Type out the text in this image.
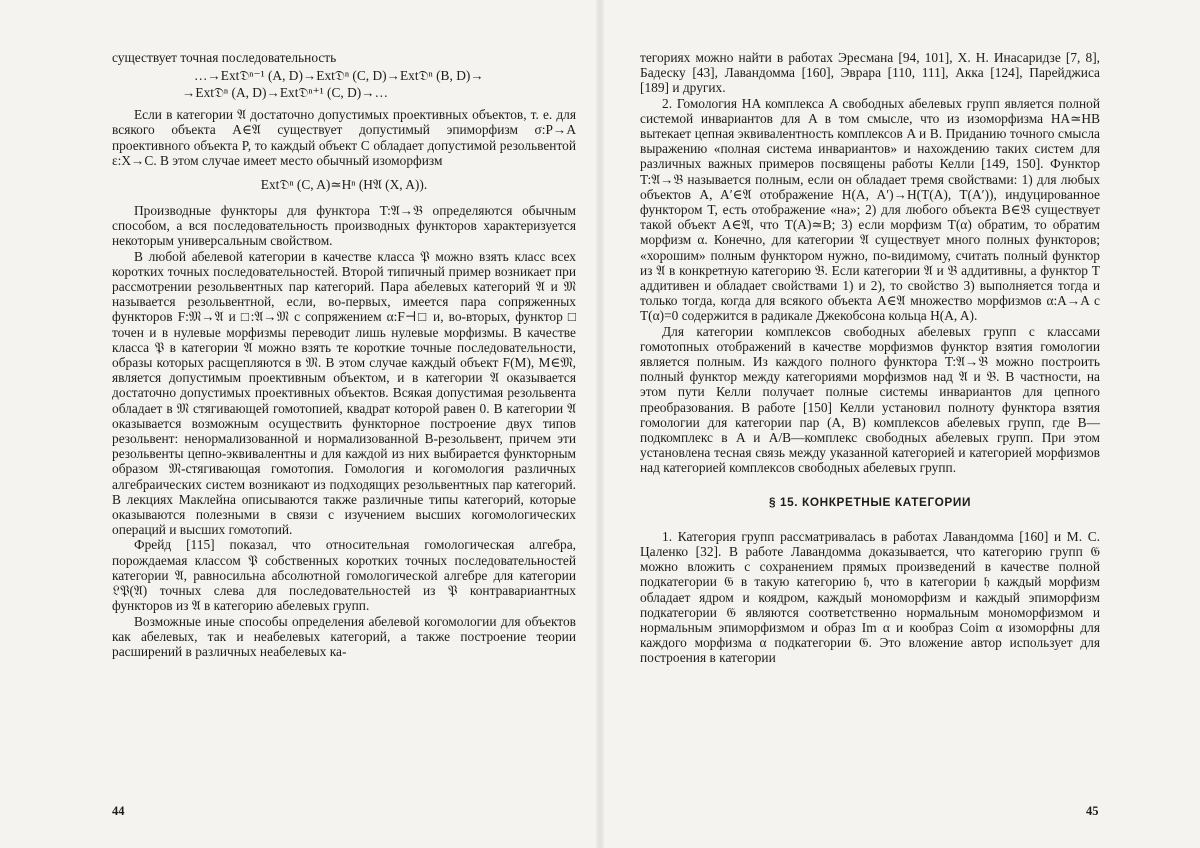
существует точная последовательность

…→Ext𝔇ⁿ⁻¹ (A, D)→Ext𝔇ⁿ (C, D)→Ext𝔇ⁿ (B, D)→
→Ext𝔇ⁿ (A, D)→Ext𝔇ⁿ⁺¹ (C, D)→…

Если в категории 𝔄 достаточно допустимых проективных объектов, т. е. для всякого объекта A∈𝔄 существует допустимый эпиморфизм σ:P→A проективного объекта P, то каждый объект C обладает допустимой резольвентой ε:X→C. В этом случае имеет место обычный изоморфизм

Ext𝔇ⁿ (C, A)≃Hⁿ (H𝔄 (X, A)).

Производные функторы для функтора T:𝔄→𝔅 определяются обычным способом, а вся последовательность производных функторов характеризуется некоторым универсальным свойством.

В любой абелевой категории в качестве класса 𝔓 можно взять класс всех коротких точных последовательностей. Второй типичный пример возникает при рассмотрении резольвентных пар категорий. Пара абелевых категорий 𝔄 и 𝔐 называется резольвентной, если, во-первых, имеется пара сопряженных функторов F:𝔐→𝔄 и □:𝔄→𝔐 с сопряжением α:F⊣□ и, во-вторых, функтор □ точен и в нулевые морфизмы переводит лишь нулевые морфизмы. В качестве класса 𝔓 в категории 𝔄 можно взять те короткие точные последовательности, образы которых расщепляются в 𝔐. В этом случае каждый объект F(M), M∈𝔐, является допустимым проективным объектом, и в категории 𝔄 оказывается достаточно допустимых проективных объектов. Всякая допустимая резольвента обладает в 𝔐 стягивающей гомотопией, квадрат которой равен 0. В категории 𝔄 оказывается возможным осуществить функторное построение двух типов резольвент: ненормализованной и нормализованной B-резольвент, причем эти резольвенты цепно-эквивалентны и для каждой из них выбирается функторным образом 𝔐-стягивающая гомотопия. Гомология и когомология различных алгебраических систем возникают из подходящих резольвентных пар категорий. В лекциях Маклейна описываются также различные типы категорий, которые оказываются полезными в связи с изучением высших когомологических операций и высших гомотопий.

Фрейд [115] показал, что относительная гомологическая алгебра, порождаемая классом 𝔓 собственных коротких точных последовательностей категории 𝔄, равносильна абсолютной гомологической алгебре для категории 𝔏𝔓(𝔄) точных слева для последовательностей из 𝔓 контравариантных функторов из 𝔄 в категорию абелевых групп.

Возможные иные способы определения абелевой когомологии для объектов как абелевых, так и неабелевых категорий, а также построение теории расширений в различных неабелевых ка-

44

тегориях можно найти в работах Эресмана [94, 101], Х. Н. Инасаридзе [7, 8], Бадеску [43], Лавандомма [160], Эврара [110, 111], Акка [124], Парейджиса [189] и других.

2. Гомология HA комплекса A свободных абелевых групп является полной системой инвариантов для A в том смысле, что из изоморфизма HA≃HB вытекает цепная эквивалентность комплексов A и B. Приданию точного смысла выражению «полная система инвариантов» и нахождению таких систем для различных важных примеров посвящены работы Келли [149, 150]. Функтор T:𝔄→𝔅 называется полным, если он обладает тремя свойствами: 1) для любых объектов A, A′∈𝔄 отображение H(A, A′)→H(T(A), T(A′)), индуцированное функтором T, есть отображение «на»; 2) для любого объекта B∈𝔅 существует такой объект A∈𝔄, что T(A)≃B; 3) если морфизм T(α) обратим, то обратим морфизм α. Конечно, для категории 𝔄 существует много полных функторов; «хорошим» полным функтором нужно, по-видимому, считать полный функтор из 𝔄 в конкретную категорию 𝔅. Если категории 𝔄 и 𝔅 аддитивны, а функтор T аддитивен и обладает свойствами 1) и 2), то свойство 3) выполняется тогда и только тогда, когда для всякого объекта A∈𝔄 множество морфизмов α:A→A с T(α)=0 содержится в радикале Джекобсона кольца H(A, A).

Для категории комплексов свободных абелевых групп с классами гомотопных отображений в качестве морфизмов функтор взятия гомологии является полным. Из каждого полного функтора T:𝔄→𝔅 можно построить полный функтор между категориями морфизмов над 𝔄 и 𝔅. В частности, на этом пути Келли получает полные системы инвариантов для цепного преобразования. В работе [150] Келли установил полноту функтора взятия гомологии для категории пар (A, B) комплексов абелевых групп, где B—подкомплекс в A и A/B—комплекс свободных абелевых групп. При этом установлена тесная связь между указанной категорией и категорией морфизмов над категорией комплексов свободных абелевых групп.

§ 15. КОНКРЕТНЫЕ КАТЕГОРИИ

1. Категория групп рассматривалась в работах Лавандомма [160] и М. С. Цаленко [32]. В работе Лавандомма доказывается, что категорию групп 𝔊 можно вложить с сохранением прямых произведений в качестве полной подкатегории 𝔊 в такую категорию 𝔥, что в категории 𝔥 каждый морфизм обладает ядром и коядром, каждый мономорфизм и каждый эпиморфизм подкатегории 𝔊 являются соответственно нормальным мономорфизмом и нормальным эпиморфизмом и образ Im α и кообраз Coim α изоморфны для каждого морфизма α подкатегории 𝔊. Это вложение автор использует для построения в категории

45
